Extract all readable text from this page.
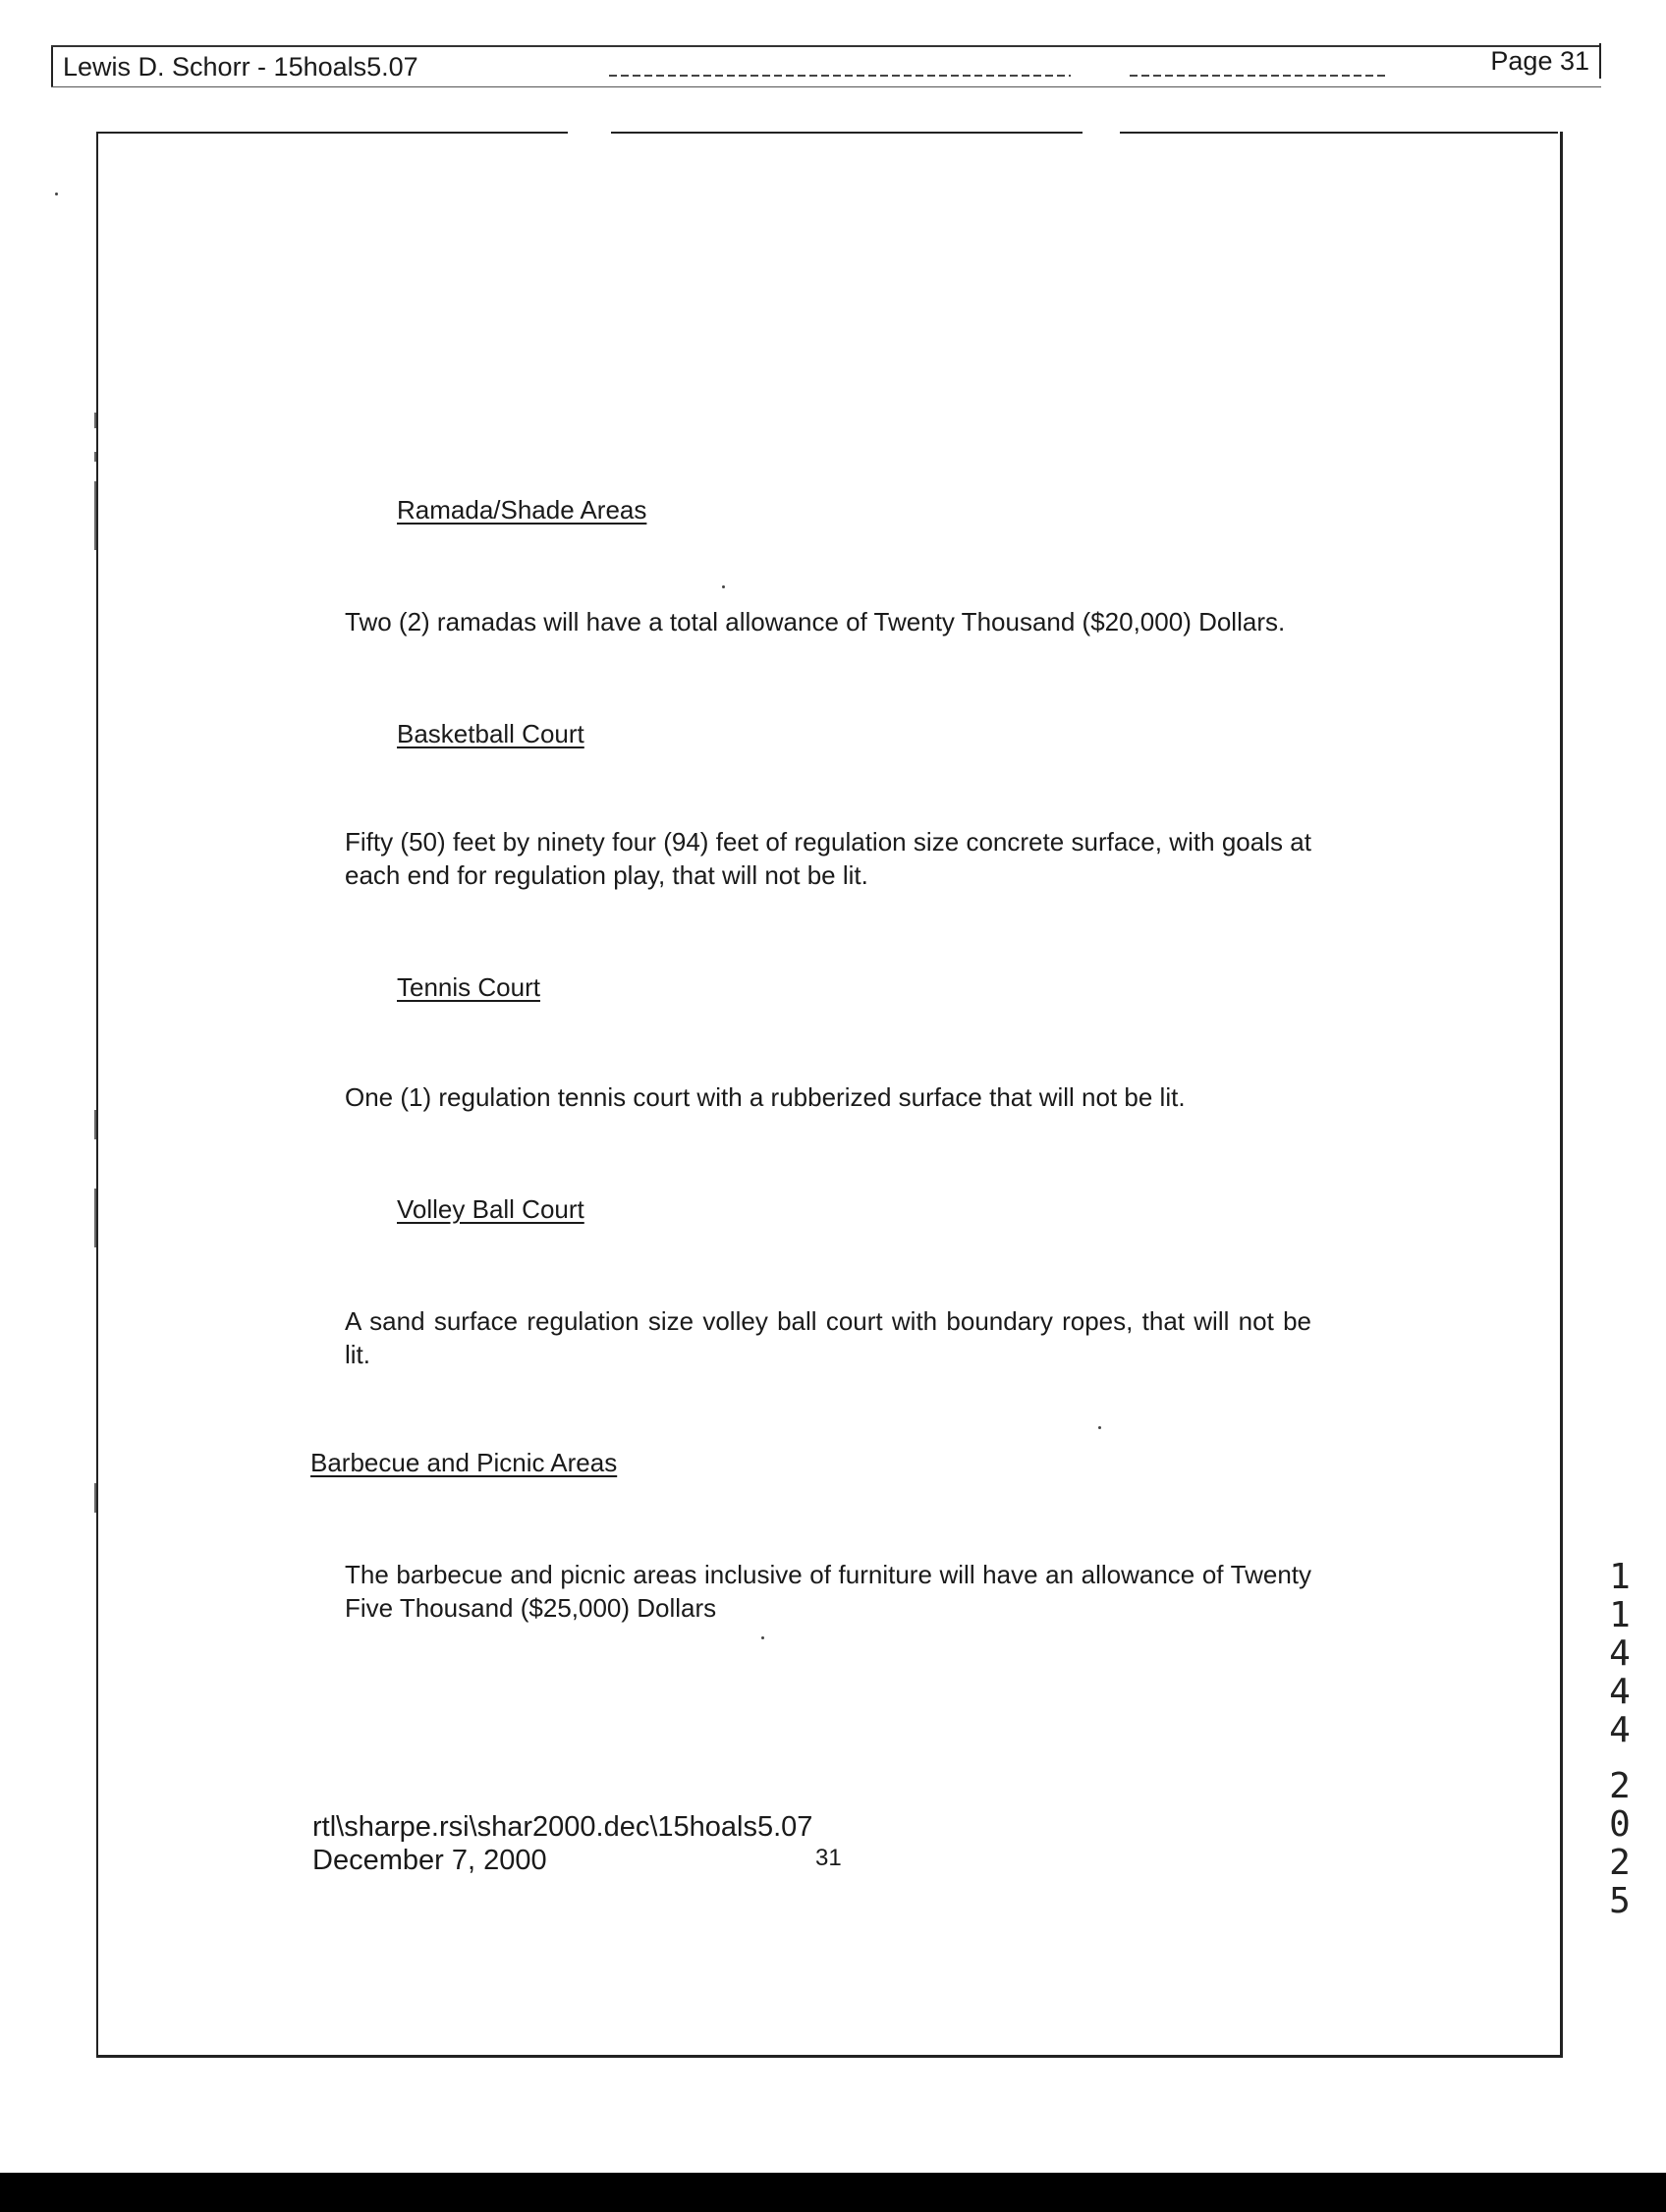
Lewis D. Schorr - 15hoals5.07	Page 31
Ramada/Shade Areas
Two (2) ramadas will have a total allowance of Twenty Thousand ($20,000) Dollars.
Basketball Court
Fifty (50) feet by ninety four (94) feet of regulation size concrete surface, with goals at each end for regulation play, that will not be lit.
Tennis Court
One (1) regulation tennis court with a rubberized surface that will not be lit.
Volley Ball Court
A sand surface regulation size volley ball court with boundary ropes, that will not be lit.
Barbecue and Picnic Areas
The barbecue and picnic areas inclusive of furniture will have an allowance of Twenty Five Thousand ($25,000) Dollars
rtl\sharpe.rsi\shar2000.dec\15hoals5.07
December 7, 2000	31
1
1
4
4
4
2
0
2
5
